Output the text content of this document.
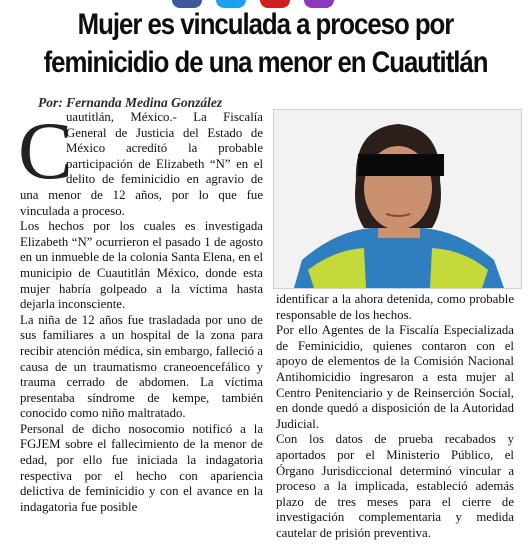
Mujer es vinculada a proceso por
feminicidio de una menor en Cuautitlán
Por: Fernanda Medina González
C

uautitlán, México.- La Fiscalía General de Justicia del Estado de México acreditó la probable participación de Elizabeth “N” en el delito de feminicidio en agravio de una menor de 12 años, por lo que fue vinculada a proceso.

Los hechos por los cuales es investigada Elizabeth “N” ocurrieron el pasado 1 de agosto en un inmueble de la colonia Santa Elena, en el municipio de Cuautitlán México, donde esta mujer habría golpeado a la víctima hasta dejarla inconsciente.

La niña de 12 años fue trasladada por uno de sus familiares a un hospital de la zona para recibir atención médica, sin embargo, falleció a causa de un traumatismo craneoencefálico y trauma cerrado de abdomen. La víctima presentaba síndrome de kempe, también conocido como niño maltratado.

Personal de dicho nosocomio notificó a la FGJEM sobre el fallecimiento de la menor de edad, por ello fue iniciada la indagatoria respectiva por el hecho con apariencia delictiva de feminicidio y con el avance en la indagatoria fue posible

identificar a la ahora detenida, como probable responsable de los hechos.

Por ello Agentes de la Fiscalía Especializada de Feminicidio, quienes contaron con el apoyo de elementos de la Comisión Nacional Antihomicidio ingresaron a esta mujer al Centro Penitenciario y de Reinserción Social, en donde quedó a disposición de la Autoridad Judicial.

Con los datos de prueba recabados y aportados por el Ministerio Público, el Órgano Jurisdiccional determinó vincular a proceso a la implicada, estableció además plazo de tres meses para el cierre de investigación complementaria y medida cautelar de prisión preventiva.
